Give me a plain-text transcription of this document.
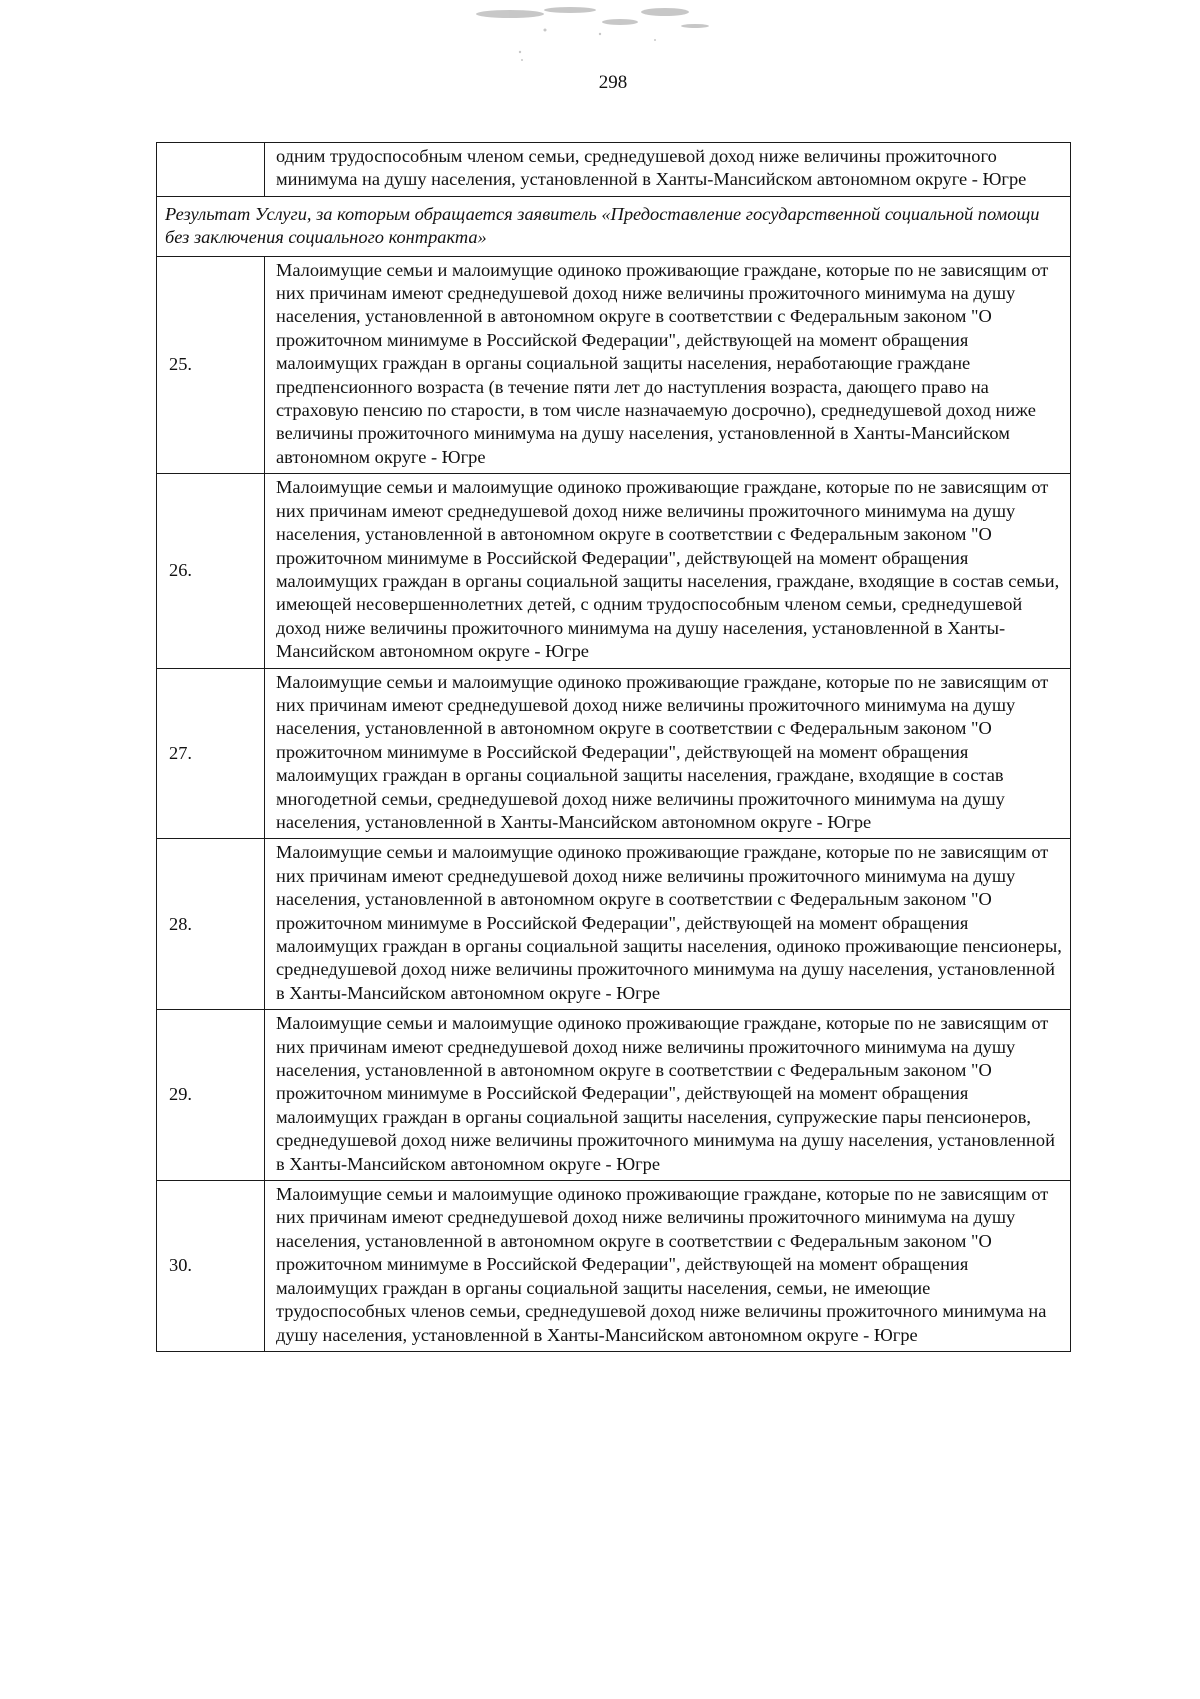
298
	одним трудоспособным членом семьи, среднедушевой доход ниже величины прожиточного минимума на душу населения, установленной в Ханты-Мансийском автономном округе - Югре
Результат Услуги, за которым обращается заявитель «Предоставление государственной социальной помощи без заключения социального контракта»	
25.	Малоимущие семьи и малоимущие одиноко проживающие граждане, которые по не зависящим от них причинам имеют среднедушевой доход ниже величины прожиточного минимума на душу населения, установленной в автономном округе в соответствии с Федеральным законом "О прожиточном минимуме в Российской Федерации", действующей на момент обращения малоимущих граждан в органы социальной защиты населения, неработающие граждане предпенсионного возраста (в течение пяти лет до наступления возраста, дающего право на страховую пенсию по старости, в том числе назначаемую досрочно), среднедушевой доход ниже величины прожиточного минимума на душу населения, установленной в Ханты-Мансийском автономном округе - Югре
26.	Малоимущие семьи и малоимущие одиноко проживающие граждане, которые по не зависящим от них причинам имеют среднедушевой доход ниже величины прожиточного минимума на душу населения, установленной в автономном округе в соответствии с Федеральным законом "О прожиточном минимуме в Российской Федерации", действующей на момент обращения малоимущих граждан в органы социальной защиты населения, граждане, входящие в состав семьи, имеющей несовершеннолетних детей, с одним трудоспособным членом семьи, среднедушевой доход ниже величины прожиточного минимума на душу населения, установленной в Ханты-Мансийском автономном округе - Югре
27.	Малоимущие семьи и малоимущие одиноко проживающие граждане, которые по не зависящим от них причинам имеют среднедушевой доход ниже величины прожиточного минимума на душу населения, установленной в автономном округе в соответствии с Федеральным законом "О прожиточном минимуме в Российской Федерации", действующей на момент обращения малоимущих граждан в органы социальной защиты населения, граждане, входящие в состав многодетной семьи, среднедушевой доход ниже величины прожиточного минимума на душу населения, установленной в Ханты-Мансийском автономном округе - Югре
28.	Малоимущие семьи и малоимущие одиноко проживающие граждане, которые по не зависящим от них причинам имеют среднедушевой доход ниже величины прожиточного минимума на душу населения, установленной в автономном округе в соответствии с Федеральным законом "О прожиточном минимуме в Российской Федерации", действующей на момент обращения малоимущих граждан в органы социальной защиты населения, одиноко проживающие пенсионеры, среднедушевой доход ниже величины прожиточного минимума на душу населения, установленной в Ханты-Мансийском автономном округе - Югре
29.	Малоимущие семьи и малоимущие одиноко проживающие граждане, которые по не зависящим от них причинам имеют среднедушевой доход ниже величины прожиточного минимума на душу населения, установленной в автономном округе в соответствии с Федеральным законом "О прожиточном минимуме в Российской Федерации", действующей на момент обращения малоимущих граждан в органы социальной защиты населения, супружеские пары пенсионеров, среднедушевой доход ниже величины прожиточного минимума на душу населения, установленной в Ханты-Мансийском автономном округе - Югре
30.	Малоимущие семьи и малоимущие одиноко проживающие граждане, которые по не зависящим от них причинам имеют среднедушевой доход ниже величины прожиточного минимума на душу населения, установленной в автономном округе в соответствии с Федеральным законом "О прожиточном минимуме в Российской Федерации", действующей на момент обращения малоимущих граждан в органы социальной защиты населения, семьи, не имеющие трудоспособных членов семьи, среднедушевой доход ниже величины прожиточного минимума на душу населения, установленной в Ханты-Мансийском автономном округе - Югре
